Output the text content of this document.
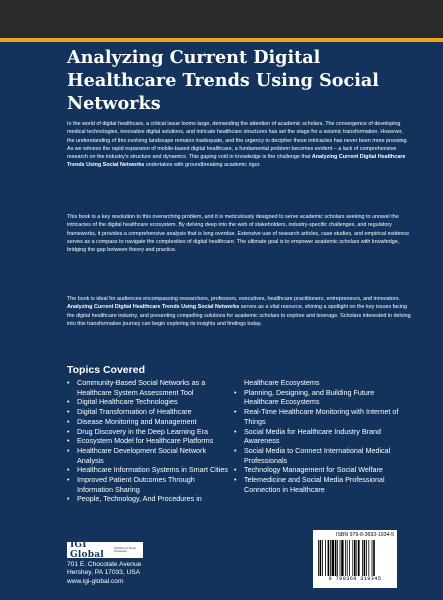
Analyzing Current Digital Healthcare Trends Using Social Networks

In the world of digital healthcare, a critical issue looms large, demanding the attention of academic scholars. The convergence of developing medical technologies, innovative digital solutions, and intricate healthcare structures has set the stage for a seismic transformation. However, the understanding of this evolving landscape remains inadequate, and the urgency to decipher these intricacies has never been more pressing. As we witness the rapid expansion of mobile-based digital healthcare, a fundamental problem becomes evident – a lack of comprehensive research on the industry's structure and dynamics. This gaping void in knowledge is the challenge that Analyzing Current Digital Healthcare Trends Using Social Networks undertakes with groundbreaking academic rigor.

This book is a key resolution to this overarching problem, and it is meticulously designed to serve academic scholars seeking to unravel the intricacies of the digital healthcare ecosystem. By delving deep into the web of stakeholders, industry-specific challenges, and regulatory frameworks, it provides a comprehensive analysis that is long overdue. Extensive use of research articles, case studies, and empirical evidence serves as a compass to navigate the complexities of digital healthcare. The ultimate goal is to empower academic scholars with knowledge,
bridging the gap between theory and practice.

The book is ideal for audiences encompassing researchers, professors, executives, healthcare practitioners, entrepreneurs, and innovators. Analyzing Current Digital Healthcare Trends Using Social Networks serves as a vital resource, shining a spotlight on the key issues facing the digital healthcare industry, and presenting compelling solutions for academic scholars to explore and leverage. Scholars interested in delving into this transformative journey can begin exploring its insights and findings today.

Topics Covered
• Community-Based Social Networks as a Healthcare System Assessment Tool
• Digital Healthcare Technologies
• Digital Transformation of Healthcare
• Disease Monitoring and Management
• Drug Discovery in the Deep Learning Era
• Ecosystem Model for Healthcare Platforms
• Healthcare Development Social Network Analysis
• Healthcare Information Systems in Smart Cities
• Improved Patient Outcomes Through Information Sharing
• People, Technology, And Procedures in
Healthcare Ecosystems
• Planning, Designing, and Building Future Healthcare Ecosystems
• Real-Time Healthcare Monitoring with Internet of Things
• Social Media for Healthcare Industry Brand Awareness
• Social Media to Connect International Medical Professionals
• Technology Management for Social Welfare
• Telemedicine and Social Media Professional
Connection in Healthcare
IGI Global
Publisher of Timely Knowledge
701 E. Chocolate Avenue
Hershey, PA 17033, USA
www.igi-global.com
ISBN 979-8-3693-1934-5
9 798369 319345
